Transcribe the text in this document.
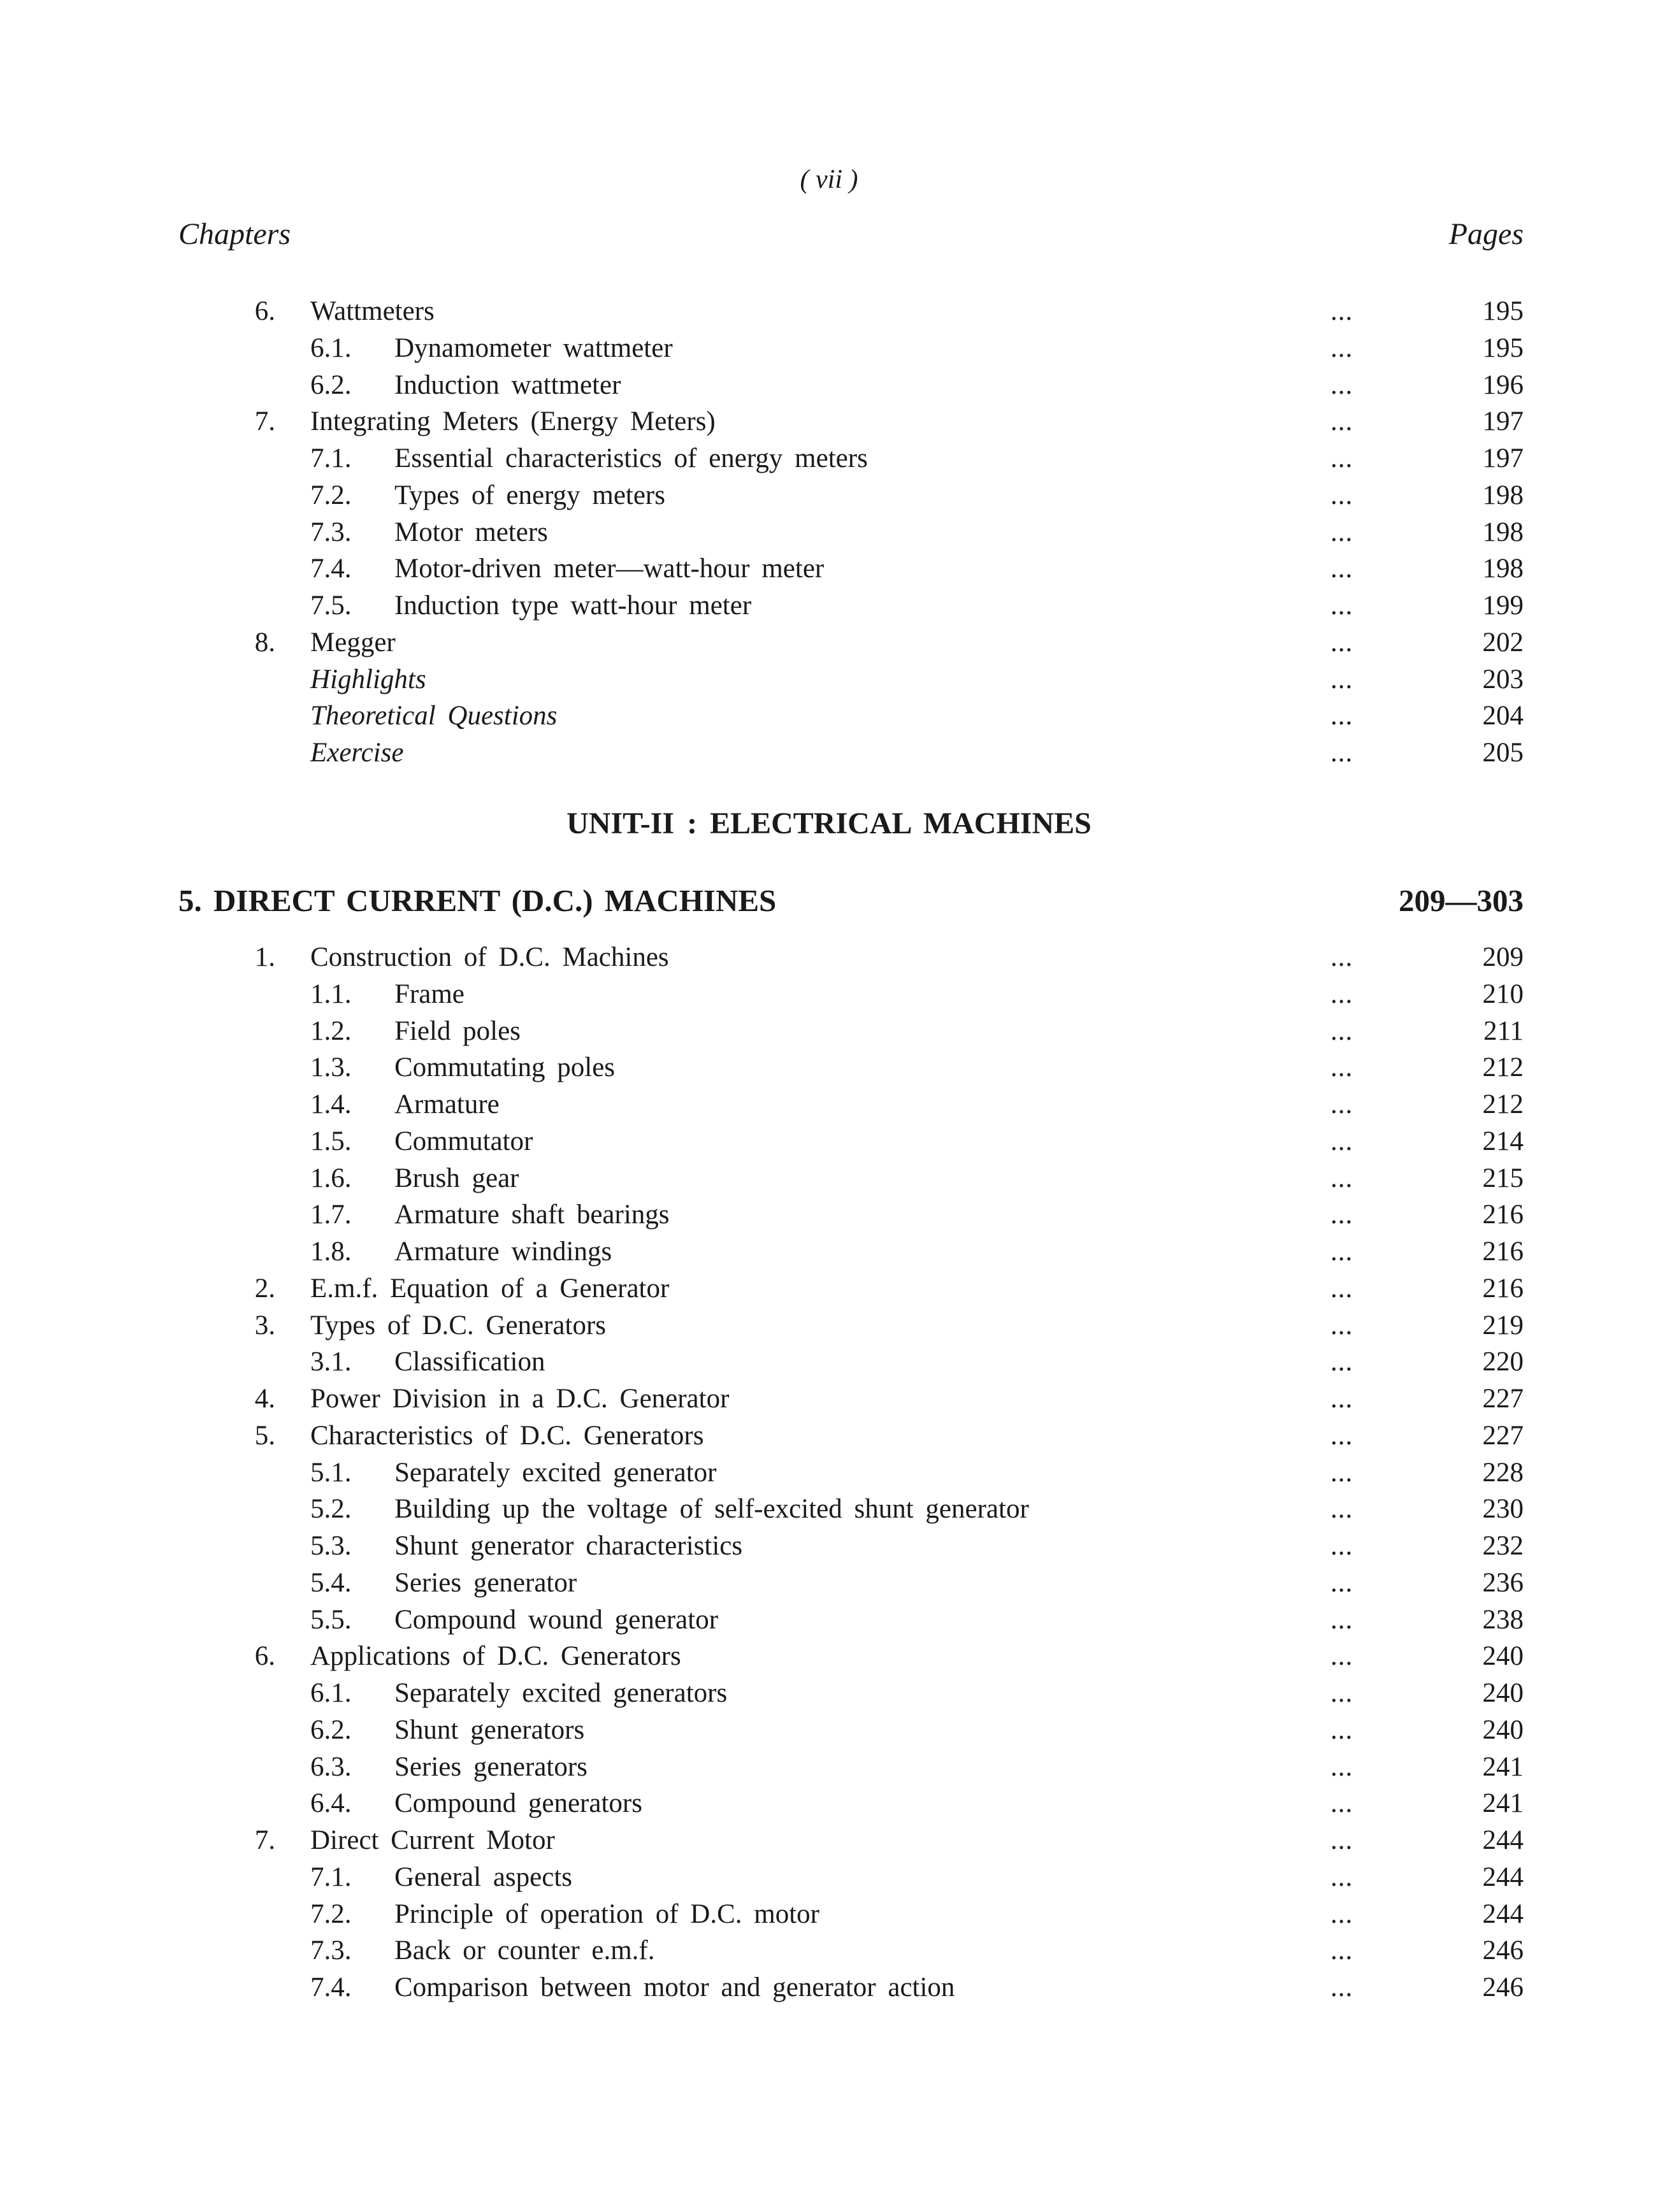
( vii )
Chapters	Pages
6. Wattmeters	...	195
6.1. Dynamometer wattmeter	...	195
6.2. Induction wattmeter	...	196
7. Integrating Meters (Energy Meters)	...	197
7.1. Essential characteristics of energy meters	...	197
7.2. Types of energy meters	...	198
7.3. Motor meters	...	198
7.4. Motor-driven meter—watt-hour meter	...	198
7.5. Induction type watt-hour meter	...	199
8. Megger	...	202
Highlights	...	203
Theoretical Questions	...	204
Exercise	...	205
UNIT-II : ELECTRICAL MACHINES
5. DIRECT CURRENT (D.C.) MACHINES	209—303
1. Construction of D.C. Machines	...	209
1.1. Frame	...	210
1.2. Field poles	...	211
1.3. Commutating poles	...	212
1.4. Armature	...	212
1.5. Commutator	...	214
1.6. Brush gear	...	215
1.7. Armature shaft bearings	...	216
1.8. Armature windings	...	216
2. E.m.f. Equation of a Generator	...	216
3. Types of D.C. Generators	...	219
3.1. Classification	...	220
4. Power Division in a D.C. Generator	...	227
5. Characteristics of D.C. Generators	...	227
5.1. Separately excited generator	...	228
5.2. Building up the voltage of self-excited shunt generator	...	230
5.3. Shunt generator characteristics	...	232
5.4. Series generator	...	236
5.5. Compound wound generator	...	238
6. Applications of D.C. Generators	...	240
6.1. Separately excited generators	...	240
6.2. Shunt generators	...	240
6.3. Series generators	...	241
6.4. Compound generators	...	241
7. Direct Current Motor	...	244
7.1. General aspects	...	244
7.2. Principle of operation of D.C. motor	...	244
7.3. Back or counter e.m.f.	...	246
7.4. Comparison between motor and generator action	...	246
